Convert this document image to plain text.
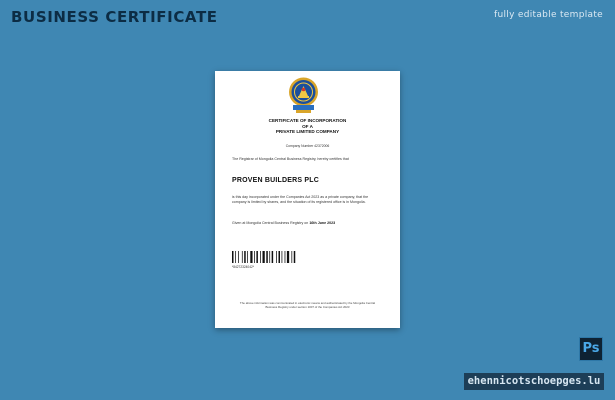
BUSINESS CERTIFICATE	fully editable template
CERTIFICATE OF INCORPORATION
OF A
PRIVATE LIMITED COMPANY
Company Number 42372006
The Registrar of Mongolia Central Business Registry, hereby certifies that
PROVEN BUILDERS PLC
is this day incorporated under the Companies Act 2023 as a private company, that the company is limited by shares, and the situation of its registered office is in Mongolia.
Given at Mongolia Central Business Registry on 16th June 2023
*84272324042*
The above information was communicated in electronic means and authenticated by the Mongolia Central Business Registry under section 1007 of the Companies Act 2023
Ps
ehennicotschoepges.lu
